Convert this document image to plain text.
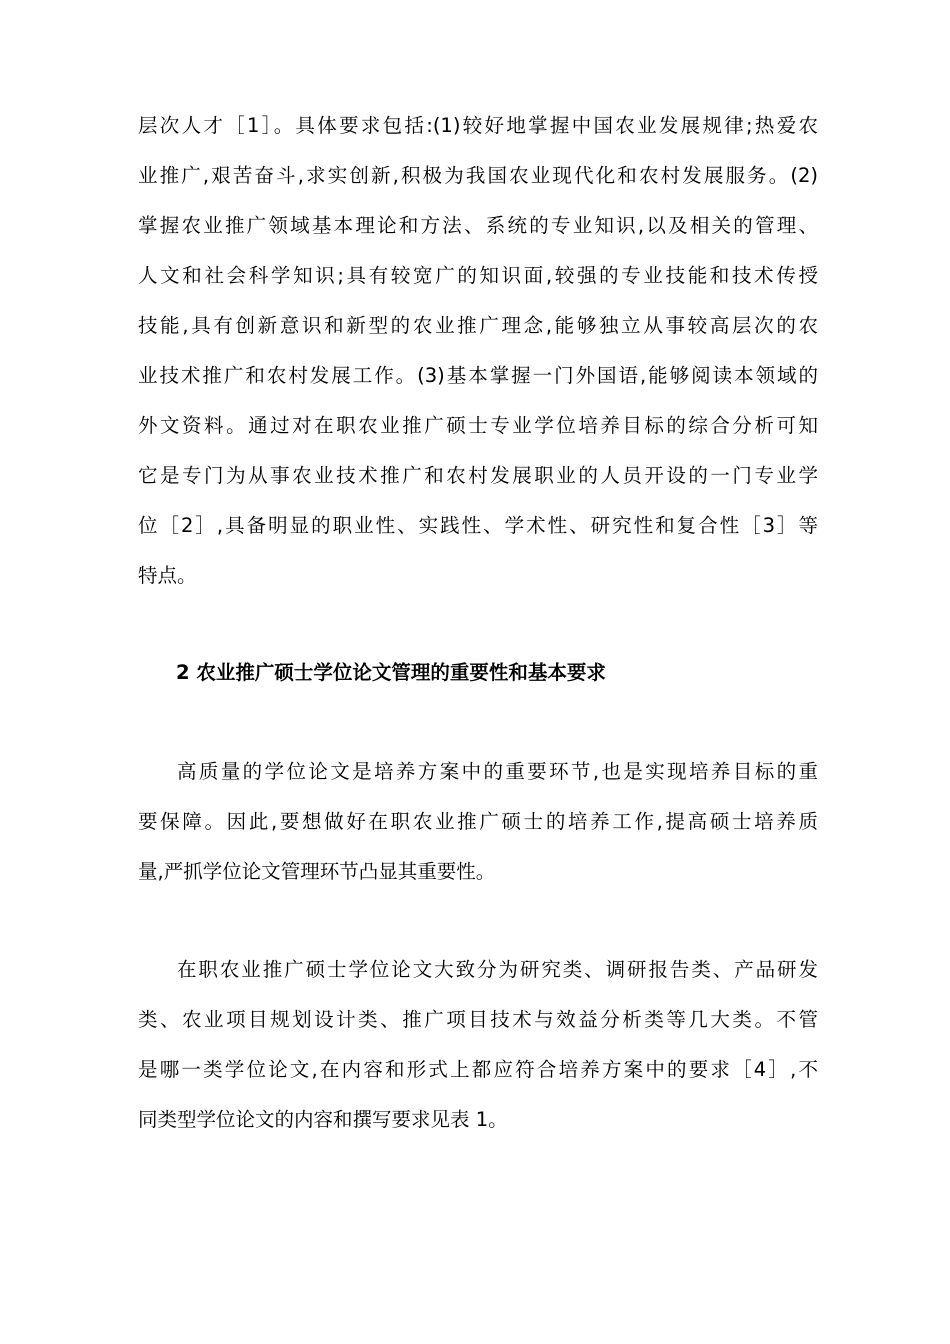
层次人才［1］。具体要求包括:(1)较好地掌握中国农业发展规律;热爱农
业推广,艰苦奋斗,求实创新,积极为我国农业现代化和农村发展服务。(2)
掌握农业推广领域基本理论和方法、系统的专业知识,以及相关的管理、
人文和社会科学知识;具有较宽广的知识面,较强的专业技能和技术传授
技能,具有创新意识和新型的农业推广理念,能够独立从事较高层次的农
业技术推广和农村发展工作。(3)基本掌握一门外国语,能够阅读本领域的
外文资料。通过对在职农业推广硕士专业学位培养目标的综合分析可知
它是专门为从事农业技术推广和农村发展职业的人员开设的一门专业学
位［2］,具备明显的职业性、实践性、学术性、研究性和复合性［3］等
特点。
2 农业推广硕士学位论文管理的重要性和基本要求
高质量的学位论文是培养方案中的重要环节,也是实现培养目标的重
要保障。因此,要想做好在职农业推广硕士的培养工作,提高硕士培养质
量,严抓学位论文管理环节凸显其重要性。
在职农业推广硕士学位论文大致分为研究类、调研报告类、产品研发
类、农业项目规划设计类、推广项目技术与效益分析类等几大类。不管
是哪一类学位论文,在内容和形式上都应符合培养方案中的要求［4］,不
同类型学位论文的内容和撰写要求见表 1。
